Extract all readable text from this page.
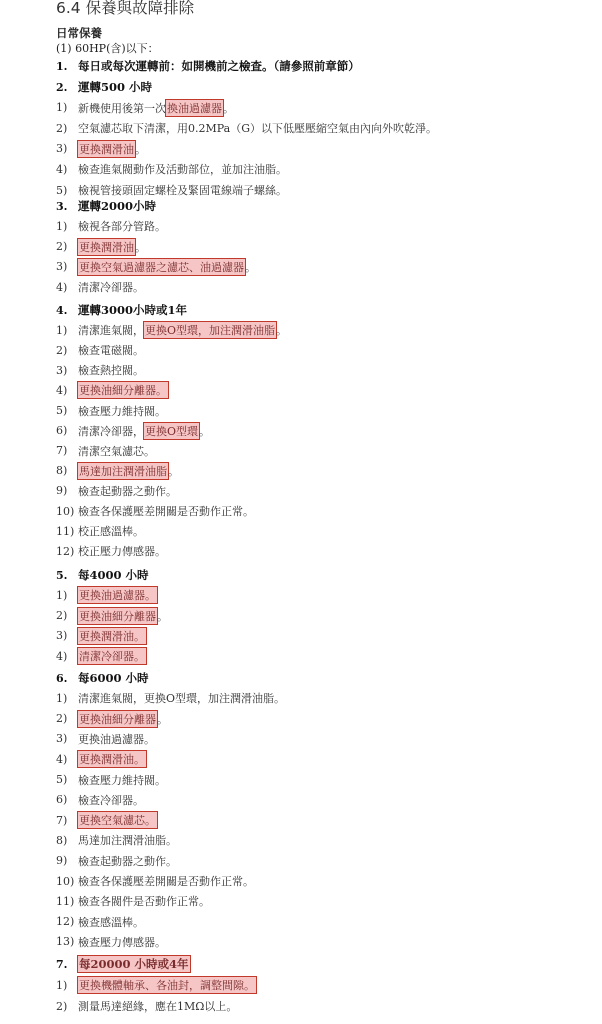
6.4 保養與故障排除
日常保養
(1) 60HP(含)以下：
1. 每日或每次運轉前：如開機前之檢查。（請參照前章節）
2. 運轉500 小時
1) 新機使用後第一次 換油過濾器 。
2) 空氣濾芯取下清潔，用0.2MPa（G）以下低壓壓縮空氣由內向外吹乾淨。
3)	更換潤滑油 。
4) 檢查進氣閥動作及活動部位，並加注油脂。
5) 檢視管接頭固定螺栓及緊固電線端子螺絲。
3. 運轉2000小時
1) 檢視各部分管路。
2)	更換潤滑油 。
3)	更換空氣過濾器之濾芯、油過濾器 。
4) 清潔冷卻器。
4. 運轉3000小時或1年
1) 清潔進氣閥， 更換O型環，加注潤滑油脂 。
2) 檢查電磁閥。
3) 檢查熱控閥。
4)	更換油細分離器。
5) 檢查壓力維持閥。
6) 清潔冷卻器， 更換O型環 。
7) 清潔空氣濾芯。
8)	馬達加注潤滑油脂 。
9) 檢查起動器之動作。
10) 檢查各保護壓差開關是否動作正常。
11) 校正感溫棒。
12) 校正壓力傳感器。
5. 每4000 小時
1)	更換油過濾器。
2)	更換油細分離器 。
3)	更換潤滑油。
4)	清潔冷卻器。
6. 每6000 小時
1) 清潔進氣閥，更換O型環，加注潤滑油脂。
2)	更換油細分離器 。
3) 更換油過濾器。
4)	更換潤滑油。
5) 檢查壓力維持閥。
6) 檢查冷卻器。
7)	更換空氣濾芯。
8) 馬達加注潤滑油脂。
9) 檢查起動器之動作。
10) 檢查各保護壓差開關是否動作正常。
11) 檢查各閥件是否動作正常。
12) 檢查感溫棒。
13) 檢查壓力傳感器。
7.	每20000 小時或4年
1)	更換機體軸承、各油封，調整間隙。
2) 測量馬達絕緣，應在1MΩ以上。
